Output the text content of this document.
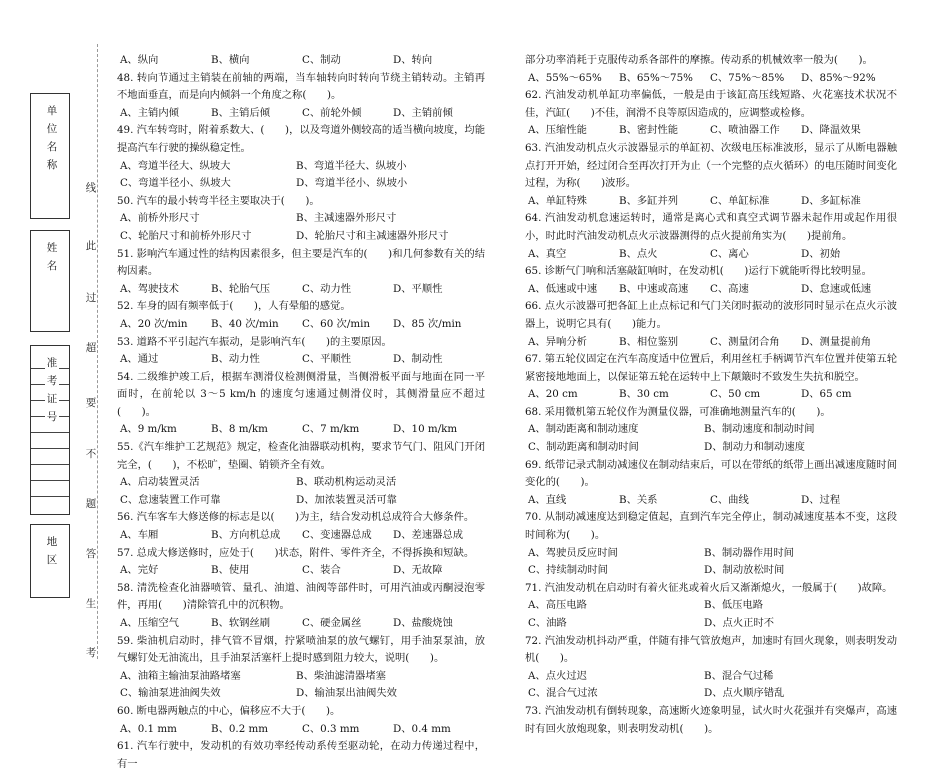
单
位
名
称
姓
名
准
考
证
号
地
区
线
此
过
超
要
不
题
答
生
考
A、纵向	B、横向	C、制动	D、转向
48. 转向节通过主销装在前轴的两端，当车轴转向时转向节绕主销转动。主销再不地面垂直，而是向内倾斜一个角度之称(　　)。
A、主销内倾	B、主销后倾	C、前轮外倾	D、主销前倾
49. 汽车转弯时，附着系数大、(　　)，以及弯道外侧较高的适当横向坡度，均能提高汽车行驶的操纵稳定性。
A、弯道半径大、纵坡大	B、弯道半径大、纵坡小
C、弯道半径小、纵坡大	D、弯道半径小、纵坡小
50. 汽车的最小转弯半径主要取决于(　　)。
A、前桥外形尺寸	B、主减速器外形尺寸
C、轮胎尺寸和前桥外形尺寸	D、轮胎尺寸和主减速器外形尺寸
51. 影响汽车通过性的结构因素很多，但主要是汽车的(　　)和几何参数有关的结构因素。
A、驾驶技术	B、轮胎气压	C、动力性	D、平顺性
52. 车身的固有频率低于(　　)，人有晕船的感觉。
A、20 次/min	B、40 次/min	C、60 次/min	D、85 次/min
53. 道路不平引起汽车振动，是影响汽车(　　)的主要原因。
A、通过	B、动力性	C、平顺性	D、制动性
54. 二级维护竣工后，根据车测滑仪检测侧滑量，当侧滑板平面与地面在同一平面时，在前轮以 3～5 km/h 的速度匀速通过侧滑仪时，其侧滑量应不超过(　　)。
A、9 m/km	B、8 m/km	C、7 m/km	D、10 m/km
55.《汽车维护工艺规范》规定，检查化油器联动机构，要求节气门、阻风门开闭完全，(　　)，不松旷，垫圈、销锁齐全有效。
A、启动装置灵活	B、联动机构运动灵活
C、怠速装置工作可靠	D、加浓装置灵活可靠
56. 汽车客车大修送修的标志是以(　　)为主，结合发动机总成符合大修条件。
A、车厢	B、方向机总成	C、变速器总成	D、差速器总成
57. 总成大修送修时，应处于(　　)状态，附件、零件齐全，不得拆换和短缺。
A、完好	B、使用	C、装合	D、无故障
58. 清洗检查化油器喷管、量孔、油道、油阀等部件时，可用汽油或丙酮浸泡零件，再用(　　)清除管孔中的沉积物。
A、压缩空气	B、软钢丝刷	C、硬金属丝	D、盐酸烧蚀
59. 柴油机启动时，排气管不冒烟，拧紧喷油泵的放气螺钉，用手油泵泵油，放气螺钉处无油流出，且手油泵活塞杆上提时感到阻力较大，说明(　　)。
A、油箱主输油泵油路堵塞	B、柴油滤清器堵塞
C、输油泵进油阀失效	D、输油泵出油阀失效
60. 断电器两触点的中心，偏移应不大于(　　)。
A、0.1 mm	B、0.2 mm	C、0.3 mm	D、0.4 mm
61. 汽车行驶中，发动机的有效功率经传动系传至驱动轮，在动力传递过程中，有一
部分功率消耗于克服传动系各部件的摩擦。传动系的机械效率一般为(　　)。
A、55%～65%	B、65%～75%	C、75%～85%	D、85%～92%
62. 汽油发动机单缸功率偏低，一般是由于该缸高压线短路、火花塞技术状况不佳，汽缸(　　)不佳，润滑不良等原因造成的，应调整或检修。
A、压缩性能	B、密封性能	C、喷油器工作	D、降温效果
63. 汽油发动机点火示波器显示的单缸初、次级电压标准波形，显示了从断电器触点打开开始，经过闭合至再次打开为止（一个完整的点火循环）的电压随时间变化过程，为称(　　)波形。
A、单缸特殊	B、多缸并列	C、单缸标准	D、多缸标准
64. 汽油发动机怠速运转时，通常是离心式和真空式调节器未起作用或起作用很小，时此时汽油发动机点火示波器测得的点火提前角实为(　　)提前角。
A、真空	B、点火	C、离心	D、初始
65. 诊断气门响和活塞敲缸响时，在发动机(　　)运行下就能听得比较明显。
A、低速或中速	B、中速或高速	C、高速	D、怠速或低速
66. 点火示波器可把各缸上止点标记和气门关闭时振动的波形同时显示在点火示波器上，说明它具有(　　)能力。
A、异响分析	B、相位鉴别	C、测量闭合角	D、测量提前角
67. 第五轮仪固定在汽车高度适中位置后，利用丝杠手柄调节汽车位置并使第五轮紧密接地地面上，以保证第五轮在运转中上下颠簸时不致发生失抗和脱空。
A、20 cm	B、30 cm	C、50 cm	D、65 cm
68. 采用微机第五轮仪作为测量仪器，可准确地测量汽车的(　　)。
A、制动距离和制动速度	B、制动速度和制动时间
C、制动距离和制动时间	D、制动力和制动速度
69. 纸带记录式制动减速仪在制动结束后，可以在带纸的纸带上画出减速度随时间变化的(　　)。
A、直线	B、关系	C、曲线	D、过程
70. 从制动减速度达到稳定值起，直到汽车完全停止，制动减速度基本不变，这段时间称为(　　)。
A、驾驶员反应时间	B、制动器作用时间
C、持续制动时间	D、制动放松时间
71. 汽油发动机在启动时有着火征兆或着火后又渐渐熄火，一般属于(　　)故障。
A、高压电路	B、低压电路
C、油路	D、点火正时不
72. 汽油发动机抖动严重，伴随有排气管放炮声，加速时有回火现象，则表明发动机(　　)。
A、点火过迟	B、混合气过稀
C、混合气过浓	D、点火顺序错乱
73. 汽油发动机有倒转现象，高速断火迹象明显，试火时火花强并有突爆声，高速时有回火放炮现象，则表明发动机(　　)。
